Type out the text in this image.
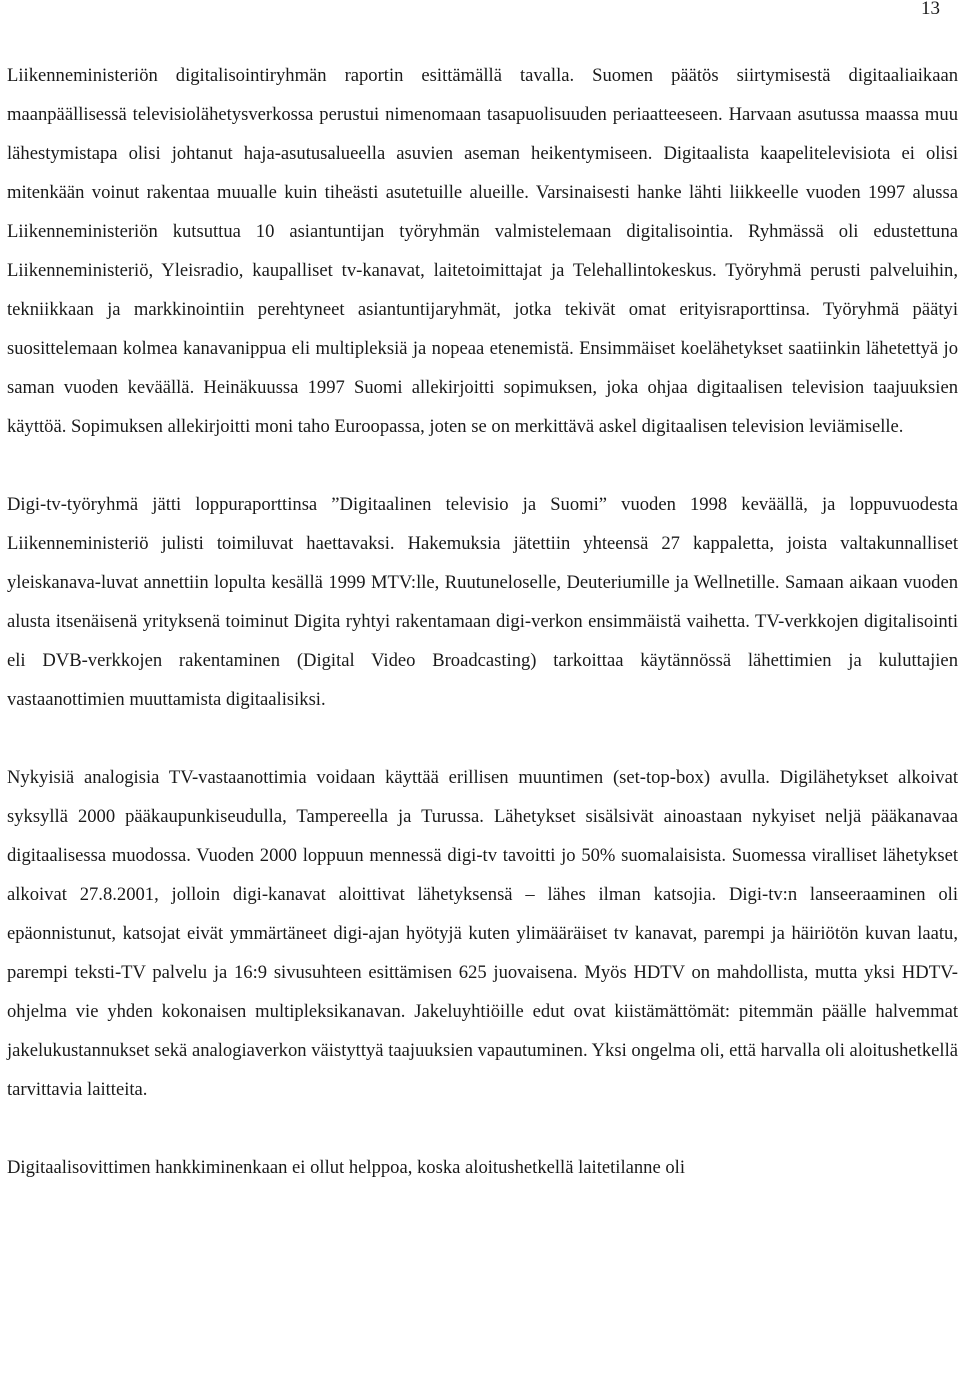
13

Liikenneministeriön digitalisointiryhmän raportin esittämällä tavalla. Suomen päätös siirtymisestä digitaaliaikaan maanpäällisessä televisiolähetysverkossa perustui nimenomaan tasapuolisuuden periaatteeseen. Harvaan asutussa maassa muu lähestymistapa olisi johtanut haja-asutusalueella asuvien aseman heikentymiseen. Digitaalista kaapelitelevisiota ei olisi mitenkään voinut rakentaa muualle kuin tiheästi asutetuille alueille. Varsinaisesti hanke lähti liikkeelle vuoden 1997 alussa Liikenneministeriön kutsuttua 10 asiantuntijan työryhmän valmistelemaan digitalisointia. Ryhmässä oli edustettuna Liikenneministeriö, Yleisradio, kaupalliset tv-kanavat, laitetoimittajat ja Telehallintokeskus. Työryhmä perusti palveluihin, tekniikkaan ja markkinointiin perehtyneet asiantuntijaryhmät, jotka tekivät omat erityisraporttinsa. Työryhmä päätyi suosittelemaan kolmea kanavanippua eli multipleksiä ja nopeaa etenemistä. Ensimmäiset koelähetykset saatiinkin lähetettyä jo saman vuoden keväällä. Heinäkuussa 1997 Suomi allekirjoitti sopimuksen, joka ohjaa digitaalisen television taajuuksien käyttöä. Sopimuksen allekirjoitti moni taho Euroopassa, joten se on merkittävä askel digitaalisen television leviämiselle.

Digi-tv-työryhmä jätti loppuraporttinsa ”Digitaalinen televisio ja Suomi” vuoden 1998 keväällä, ja loppuvuodesta Liikenneministeriö julisti toimiluvat haettavaksi. Hakemuksia jätettiin yhteensä 27 kappaletta, joista valtakunnalliset yleiskanava-luvat annettiin lopulta kesällä 1999 MTV:lle, Ruutuneloselle, Deuteriumille ja Wellnetille. Samaan aikaan vuoden alusta itsenäisenä yrityksenä toiminut Digita ryhtyi rakentamaan digi-verkon ensimmäistä vaihetta. TV-verkkojen digitalisointi eli DVB-verkkojen rakentaminen (Digital Video Broadcasting) tarkoittaa käytännössä lähettimien ja kuluttajien vastaanottimien muuttamista digitaalisiksi.

Nykyisiä analogisia TV-vastaanottimia voidaan käyttää erillisen muuntimen (set-top-box) avulla. Digilähetykset alkoivat syksyllä 2000 pääkaupunkiseudulla, Tampereella ja Turussa. Lähetykset sisälsivät ainoastaan nykyiset neljä pääkanavaa digitaalisessa muodossa. Vuoden 2000 loppuun mennessä digi-tv tavoitti jo 50% suomalaisista. Suomessa viralliset lähetykset alkoivat 27.8.2001, jolloin digi-kanavat aloittivat lähetyksensä – lähes ilman katsojia. Digi-tv:n lanseeraaminen oli epäonnistunut, katsojat eivät ymmärtäneet digi-ajan hyötyjä kuten ylimääräiset tv kanavat, parempi ja häiriötön kuvan laatu, parempi teksti-TV palvelu ja 16:9 sivusuhteen esittämisen 625 juovaisena. Myös HDTV on mahdollista, mutta yksi HDTV-ohjelma vie yhden kokonaisen multipleksikanavan. Jakeluyhtiöille edut ovat kiistämättömät: pitemmän päälle halvemmat jakelukustannukset sekä analogiaverkon väistyttyä taajuuksien vapautuminen. Yksi ongelma oli, että harvalla oli aloitushetkellä tarvittavia laitteita.

Digitaalisovittimen hankkiminenkaan ei ollut helppoa, koska aloitushetkellä laitetilanne oli
